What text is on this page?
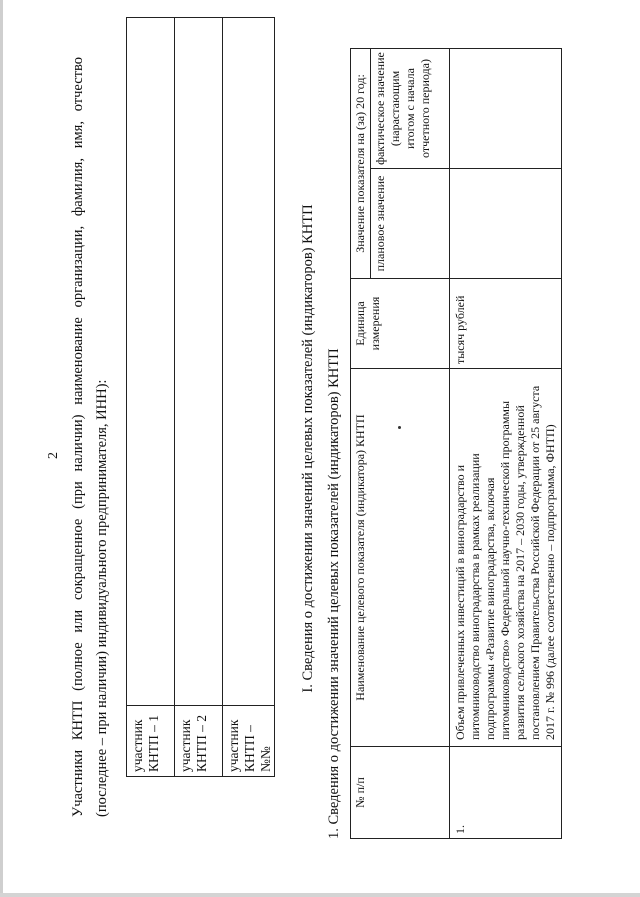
2 Участники КНТП (полное или сокращенное (при наличии) наименование организации, фамилия, имя, отчество (последнее – при наличии) индивидуального предпринимателя, ИНН): участник КНТП – 1	

участник КНТП – 2	

участник КНТП – №№	

I. Сведения о достижении значений целевых показателей (индикаторов) КНТП 1. Сведения о достижении значений целевых показателей (индикаторов) КНТП № п/п	Наименование целевого показателя (индикатора) КНТП	Единица измерения	Значение показателя на (за) 20 год:	
			плановое значение	фактическое значение (нарастающим итогом с начала отчетного периода)
1.	Объем привлеченных инвестиций в виноградарство и питомниководство виноградарства в рамках реализации подпрограммы «Развитие виноградарства, включая питомниководство» Федеральной научно-технической программы развития сельского хозяйства на 2017 – 2030 годы, утвержденной постановлением Правительства Российской Федерации от 25 августа 2017 г. № 996 (далее соответственно – подпрограмма, ФНТП)	тысяч рублей		
